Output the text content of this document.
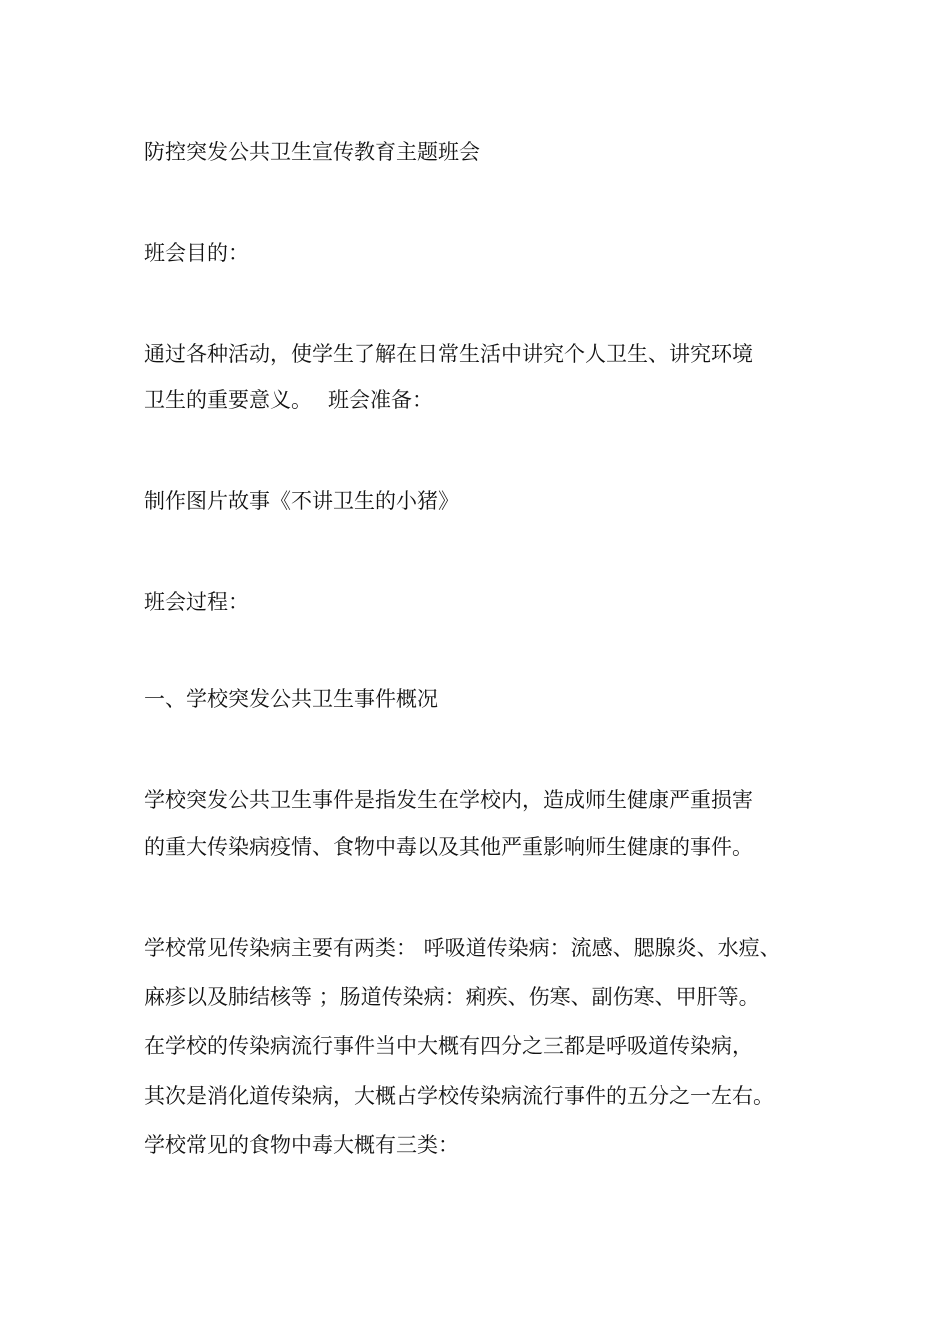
防控突发公共卫生宣传教育主题班会
班会目的：
通过各种活动，使学生了解在日常生活中讲究个人卫生、讲究环境
卫生的重要意义。 班会准备：
制作图片故事《不讲卫生的小猪》
班会过程：
一、学校突发公共卫生事件概况
学校突发公共卫生事件是指发生在学校内，造成师生健康严重损害
的重大传染病疫情、食物中毒以及其他严重影响师生健康的事件。
学校常见传染病主要有两类： 呼吸道传染病：流感、腮腺炎、水痘、
麻疹以及肺结核等 ；肠道传染病：痢疾、伤寒、副伤寒、甲肝等。
在学校的传染病流行事件当中大概有四分之三都是呼吸道传染病，
其次是消化道传染病，大概占学校传染病流行事件的五分之一左右。
学校常见的食物中毒大概有三类：
